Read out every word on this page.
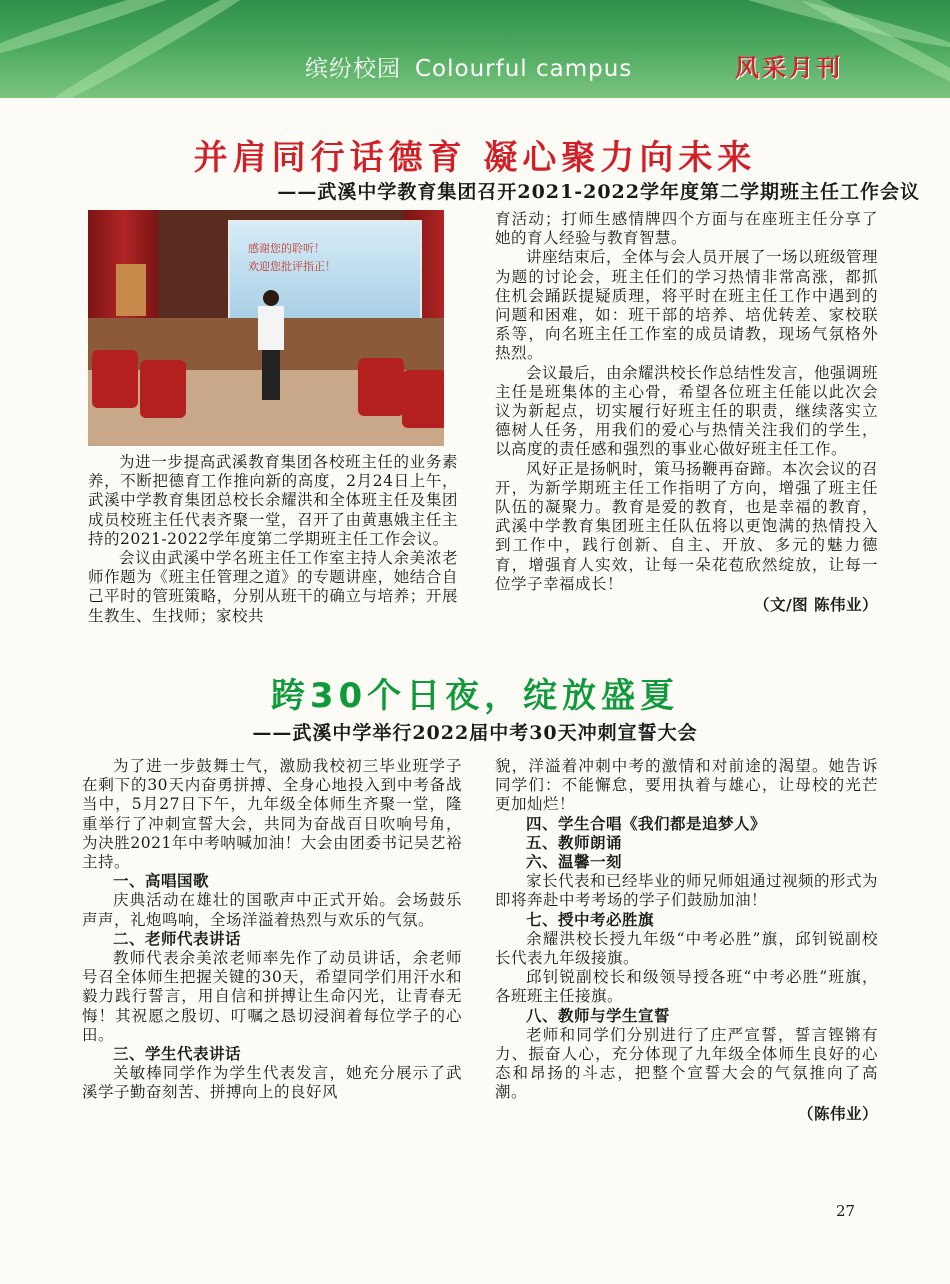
缤纷校园 Colourful campus	风采月刊
并肩同行话德育 凝心聚力向未来
——武溪中学教育集团召开2021-2022学年度第二学期班主任工作会议
感谢您的聆听！
欢迎您批评指正！

为进一步提高武溪教育集团各校班主任的业务素养，不断把德育工作推向新的高度，2月24日上午，武溪中学教育集团总校长余耀洪和全体班主任及集团成员校班主任代表齐聚一堂，召开了由黄惠娥主任主持的2021-2022学年度第二学期班主任工作会议。

会议由武溪中学名班主任工作室主持人余美浓老师作题为《班主任管理之道》的专题讲座，她结合自己平时的管班策略，分别从班干的确立与培养；开展生教生、生找师；家校共

育活动；打师生感情牌四个方面与在座班主任分享了她的育人经验与教育智慧。

讲座结束后，全体与会人员开展了一场以班级管理为题的讨论会，班主任们的学习热情非常高涨，都抓住机会踊跃提疑质理，将平时在班主任工作中遇到的问题和困难，如：班干部的培养、培优转差、家校联系等，向名班主任工作室的成员请教，现场气氛格外热烈。

会议最后，由余耀洪校长作总结性发言，他强调班主任是班集体的主心骨，希望各位班主任能以此次会议为新起点，切实履行好班主任的职责，继续落实立德树人任务，用我们的爱心与热情关注我们的学生，以高度的责任感和强烈的事业心做好班主任工作。

风好正是扬帆时，策马扬鞭再奋蹄。本次会议的召开，为新学期班主任工作指明了方向，增强了班主任队伍的凝聚力。教育是爱的教育，也是幸福的教育，武溪中学教育集团班主任队伍将以更饱满的热情投入到工作中，践行创新、自主、开放、多元的魅力德育，增强育人实效，让每一朵花苞欣然绽放，让每一位学子幸福成长！

（文/图 陈伟业）

跨30个日夜，绽放盛夏
——武溪中学举行2022届中考30天冲刺宣誓大会

为了进一步鼓舞士气，激励我校初三毕业班学子在剩下的30天内奋勇拼搏、全身心地投入到中考备战当中，5月27日下午，九年级全体师生齐聚一堂，隆重举行了冲刺宣誓大会，共同为奋战百日吹响号角，为决胜2021年中考呐喊加油！大会由团委书记吴艺裕主持。

一、高唱国歌

庆典活动在雄壮的国歌声中正式开始。会场鼓乐声声，礼炮鸣响，全场洋溢着热烈与欢乐的气氛。

二、老师代表讲话

教师代表余美浓老师率先作了动员讲话，余老师号召全体师生把握关键的30天，希望同学们用汗水和毅力践行誓言，用自信和拼搏让生命闪光，让青春无悔！其祝愿之殷切、叮嘱之恳切浸润着每位学子的心田。

三、学生代表讲话

关敏棒同学作为学生代表发言，她充分展示了武溪学子勤奋刻苦、拼搏向上的良好风

貌，洋溢着冲刺中考的激情和对前途的渴望。她告诉同学们：不能懈怠，要用执着与雄心，让母校的光芒更加灿烂！

四、学生合唱《我们都是追梦人》

五、教师朗诵

六、温馨一刻

家长代表和已经毕业的师兄师姐通过视频的形式为即将奔赴中考考场的学子们鼓励加油！

七、授中考必胜旗

余耀洪校长授九年级“中考必胜”旗，邱钊锐副校长代表九年级接旗。

邱钊锐副校长和级领导授各班“中考必胜”班旗，各班班主任接旗。

八、教师与学生宣誓

老师和同学们分别进行了庄严宣誓，誓言铿锵有力、振奋人心，充分体现了九年级全体师生良好的心态和昂扬的斗志，把整个宣誓大会的气氛推向了高潮。

（陈伟业）

27
